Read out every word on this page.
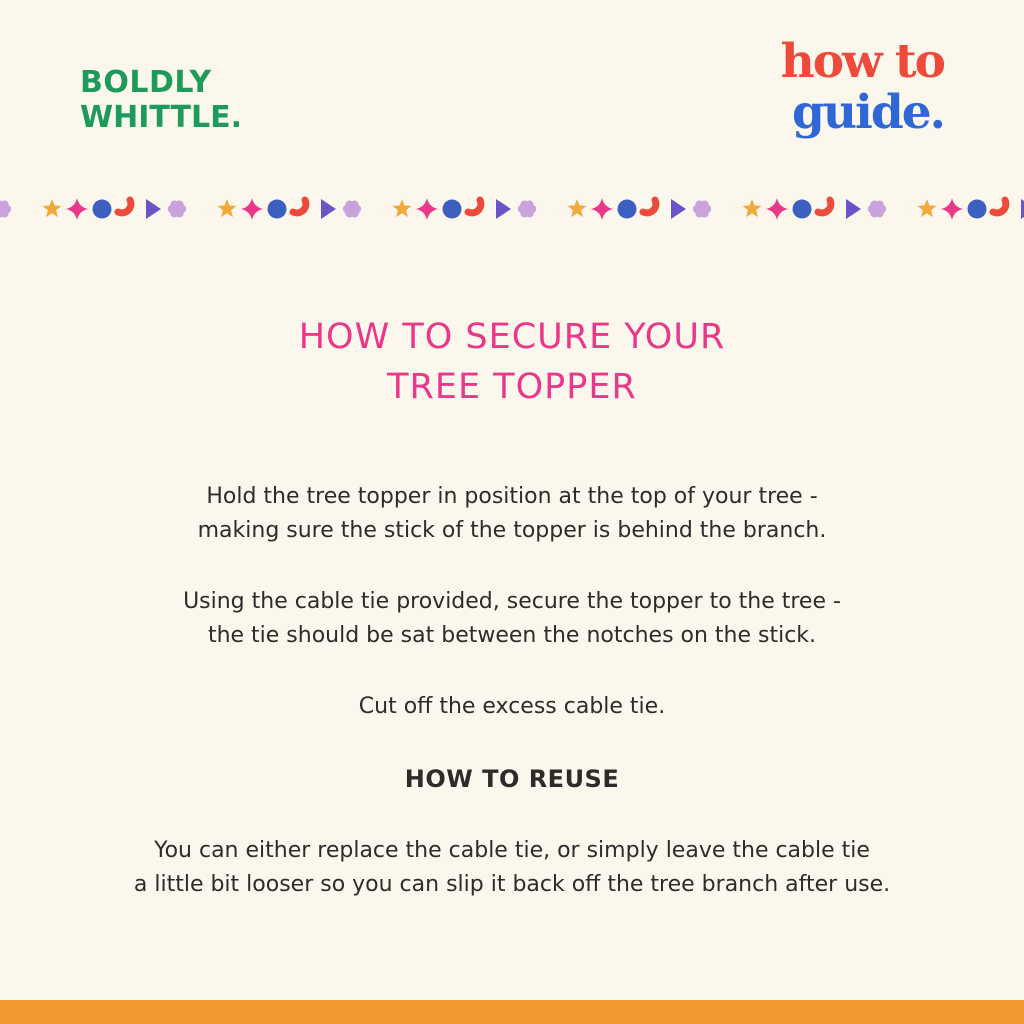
BOLDLY
WHITTLE.
how to
guide.
HOW TO SECURE YOUR
TREE TOPPER

Hold the tree topper in position at the top of your tree -
making sure the stick of the topper is behind the branch.

Using the cable tie provided, secure the topper to the tree -
the tie should be sat between the notches on the stick.

Cut off the excess cable tie.

HOW TO REUSE

You can either replace the cable tie, or simply leave the cable tie
a little bit looser so you can slip it back off the tree branch after use.
